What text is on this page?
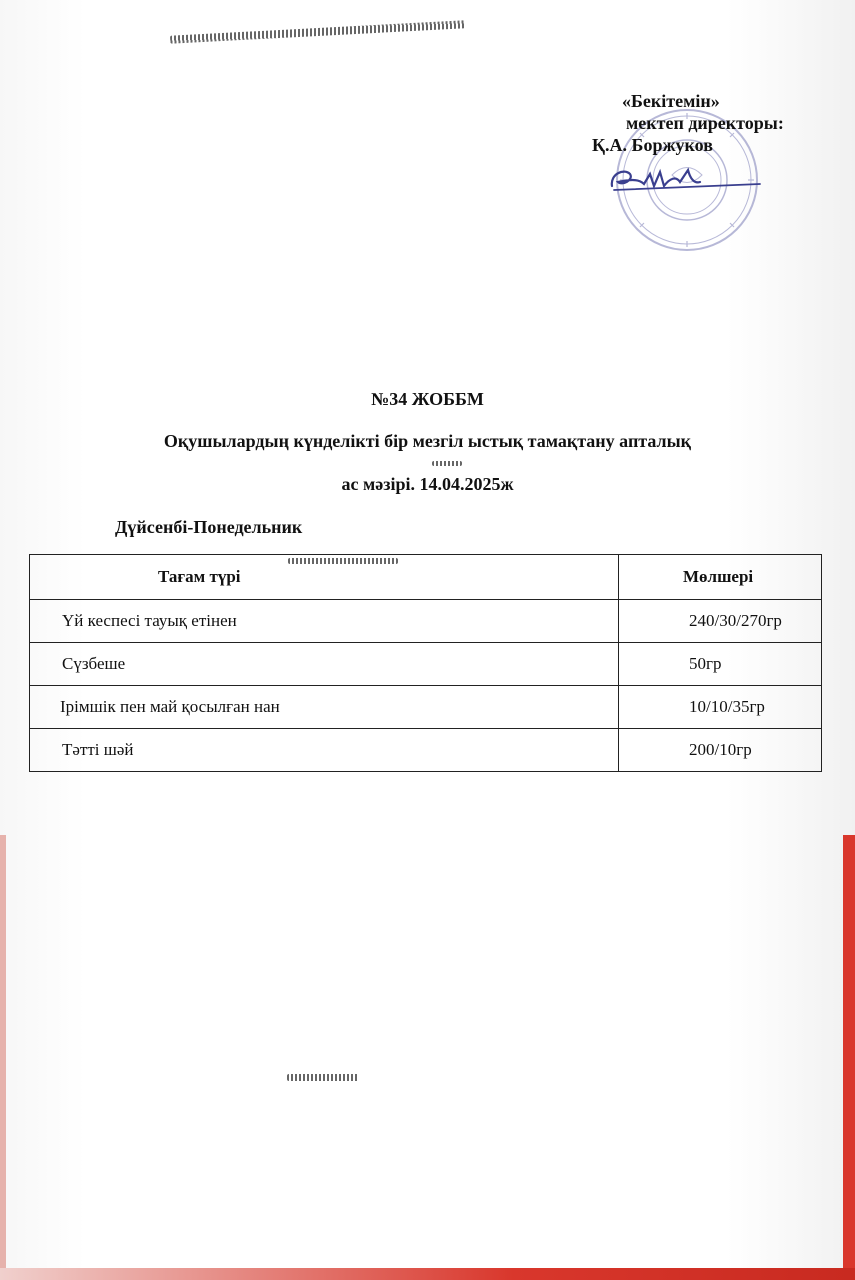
«Бекітемін»
мектеп директоры:
Қ.А. Боржуков
№34 ЖОББМ
Оқушылардың күнделікті бір мезгіл ыстық тамақтану апталық
ас мәзірі. 14.04.2025ж
Дүйсенбі-Понедельник
Тағам түрі	Мөлшері
Үй кеспесі тауық етінен	240/30/270гр
Сүзбеше	50гр
Ірімшік пен май қосылған нан	10/10/35гр
Тәтті шәй	200/10гр
